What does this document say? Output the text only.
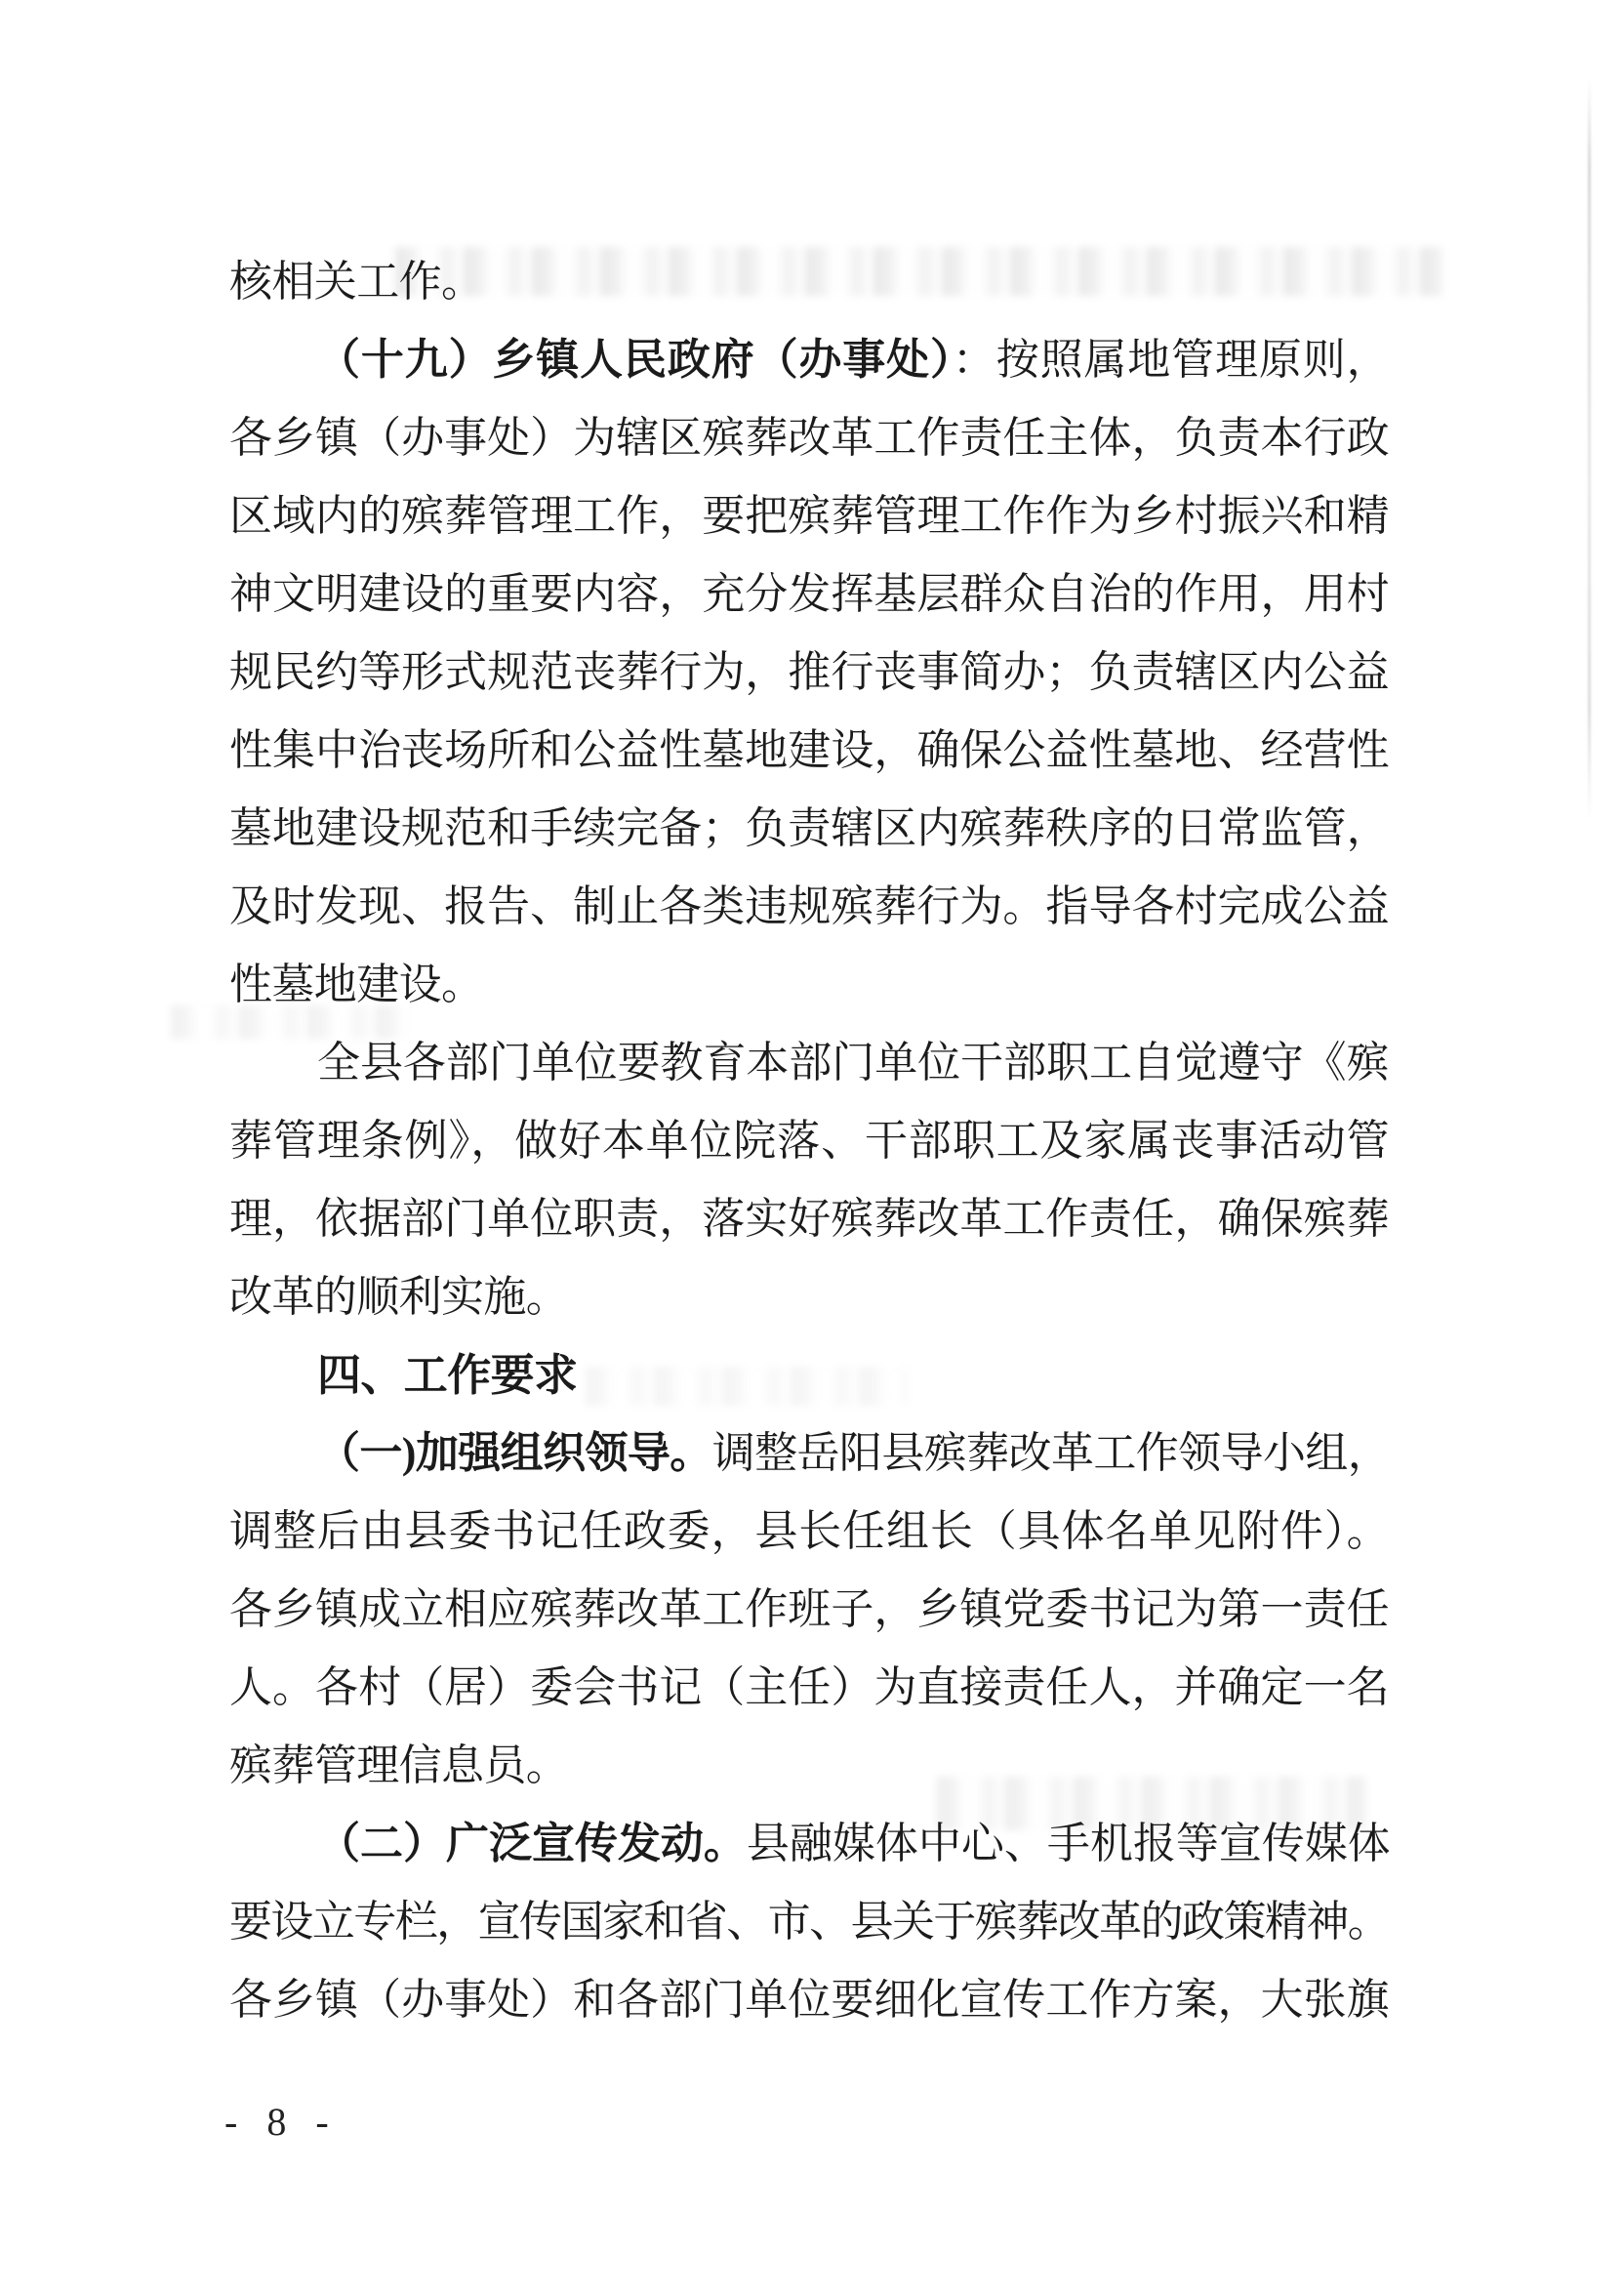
核相关工作。
（十九）乡镇人民政府（办事处）：按照属地管理原则，
各乡镇（办事处）为辖区殡葬改革工作责任主体，负责本行政
区域内的殡葬管理工作，要把殡葬管理工作作为乡村振兴和精
神文明建设的重要内容，充分发挥基层群众自治的作用，用村
规民约等形式规范丧葬行为，推行丧事简办；负责辖区内公益
性集中治丧场所和公益性墓地建设，确保公益性墓地、经营性
墓地建设规范和手续完备；负责辖区内殡葬秩序的日常监管，
及时发现、报告、制止各类违规殡葬行为。指导各村完成公益
性墓地建设。
全县各部门单位要教育本部门单位干部职工自觉遵守《殡
葬管理条例》，做好本单位院落、干部职工及家属丧事活动管
理，依据部门单位职责，落实好殡葬改革工作责任，确保殡葬
改革的顺利实施。
四、工作要求
（一)加强组织领导。调整岳阳县殡葬改革工作领导小组，
调整后由县委书记任政委，县长任组长（具体名单见附件）。
各乡镇成立相应殡葬改革工作班子，乡镇党委书记为第一责任
人。各村（居）委会书记（主任）为直接责任人，并确定一名
殡葬管理信息员。
（二）广泛宣传发动。县融媒体中心、手机报等宣传媒体
要设立专栏，宣传国家和省、市、县关于殡葬改革的政策精神。
各乡镇（办事处）和各部门单位要细化宣传工作方案，大张旗
- 8 -
